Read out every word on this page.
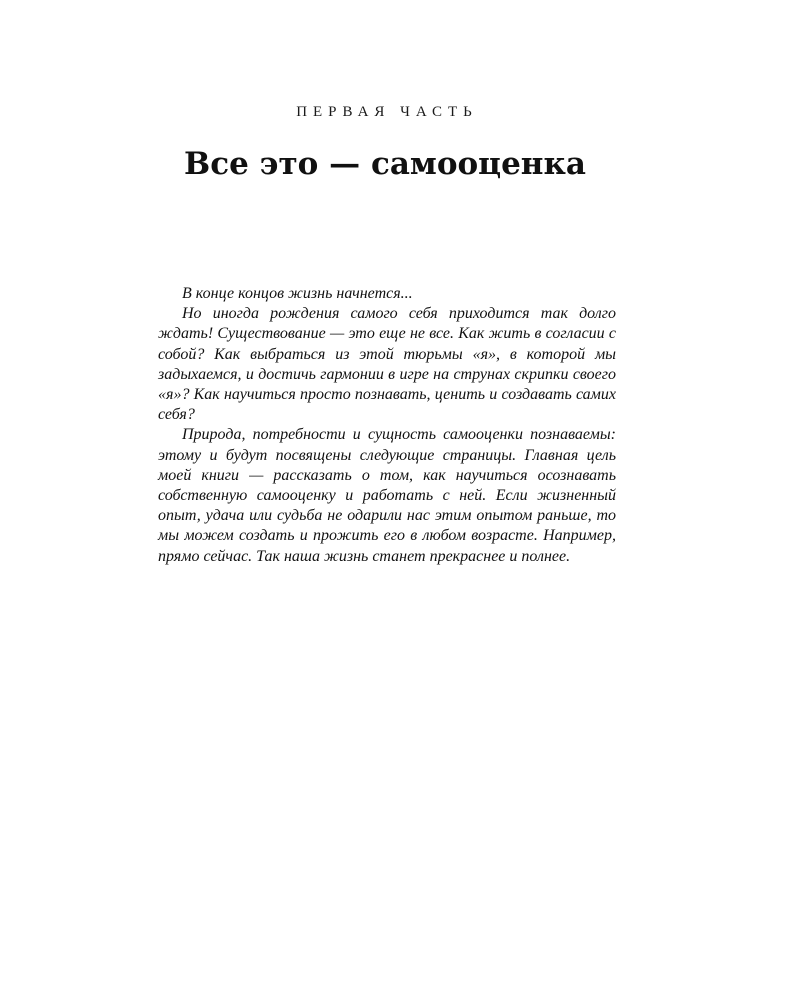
ПЕРВАЯ ЧАСТЬ
Все это — самооценка

В конце концов жизнь начнется...

Но иногда рождения самого себя приходится так долго ждать! Существование — это еще не все. Как жить в согласии с собой? Как выбраться из этой тюрьмы «я», в которой мы задыхаемся, и достичь гармонии в игре на струнах скрипки своего «я»? Как научиться просто познавать, ценить и создавать самих себя?

Природа, потребности и сущность самооценки познаваемы: этому и будут посвящены следующие страницы. Главная цель моей книги — рассказать о том, как научиться осознавать собственную самооценку и работать с ней. Если жизненный опыт, удача или судьба не одарили нас этим опытом раньше, то мы можем создать и прожить его в любом возрасте. Например, прямо сейчас. Так наша жизнь станет прекраснее и полнее.
